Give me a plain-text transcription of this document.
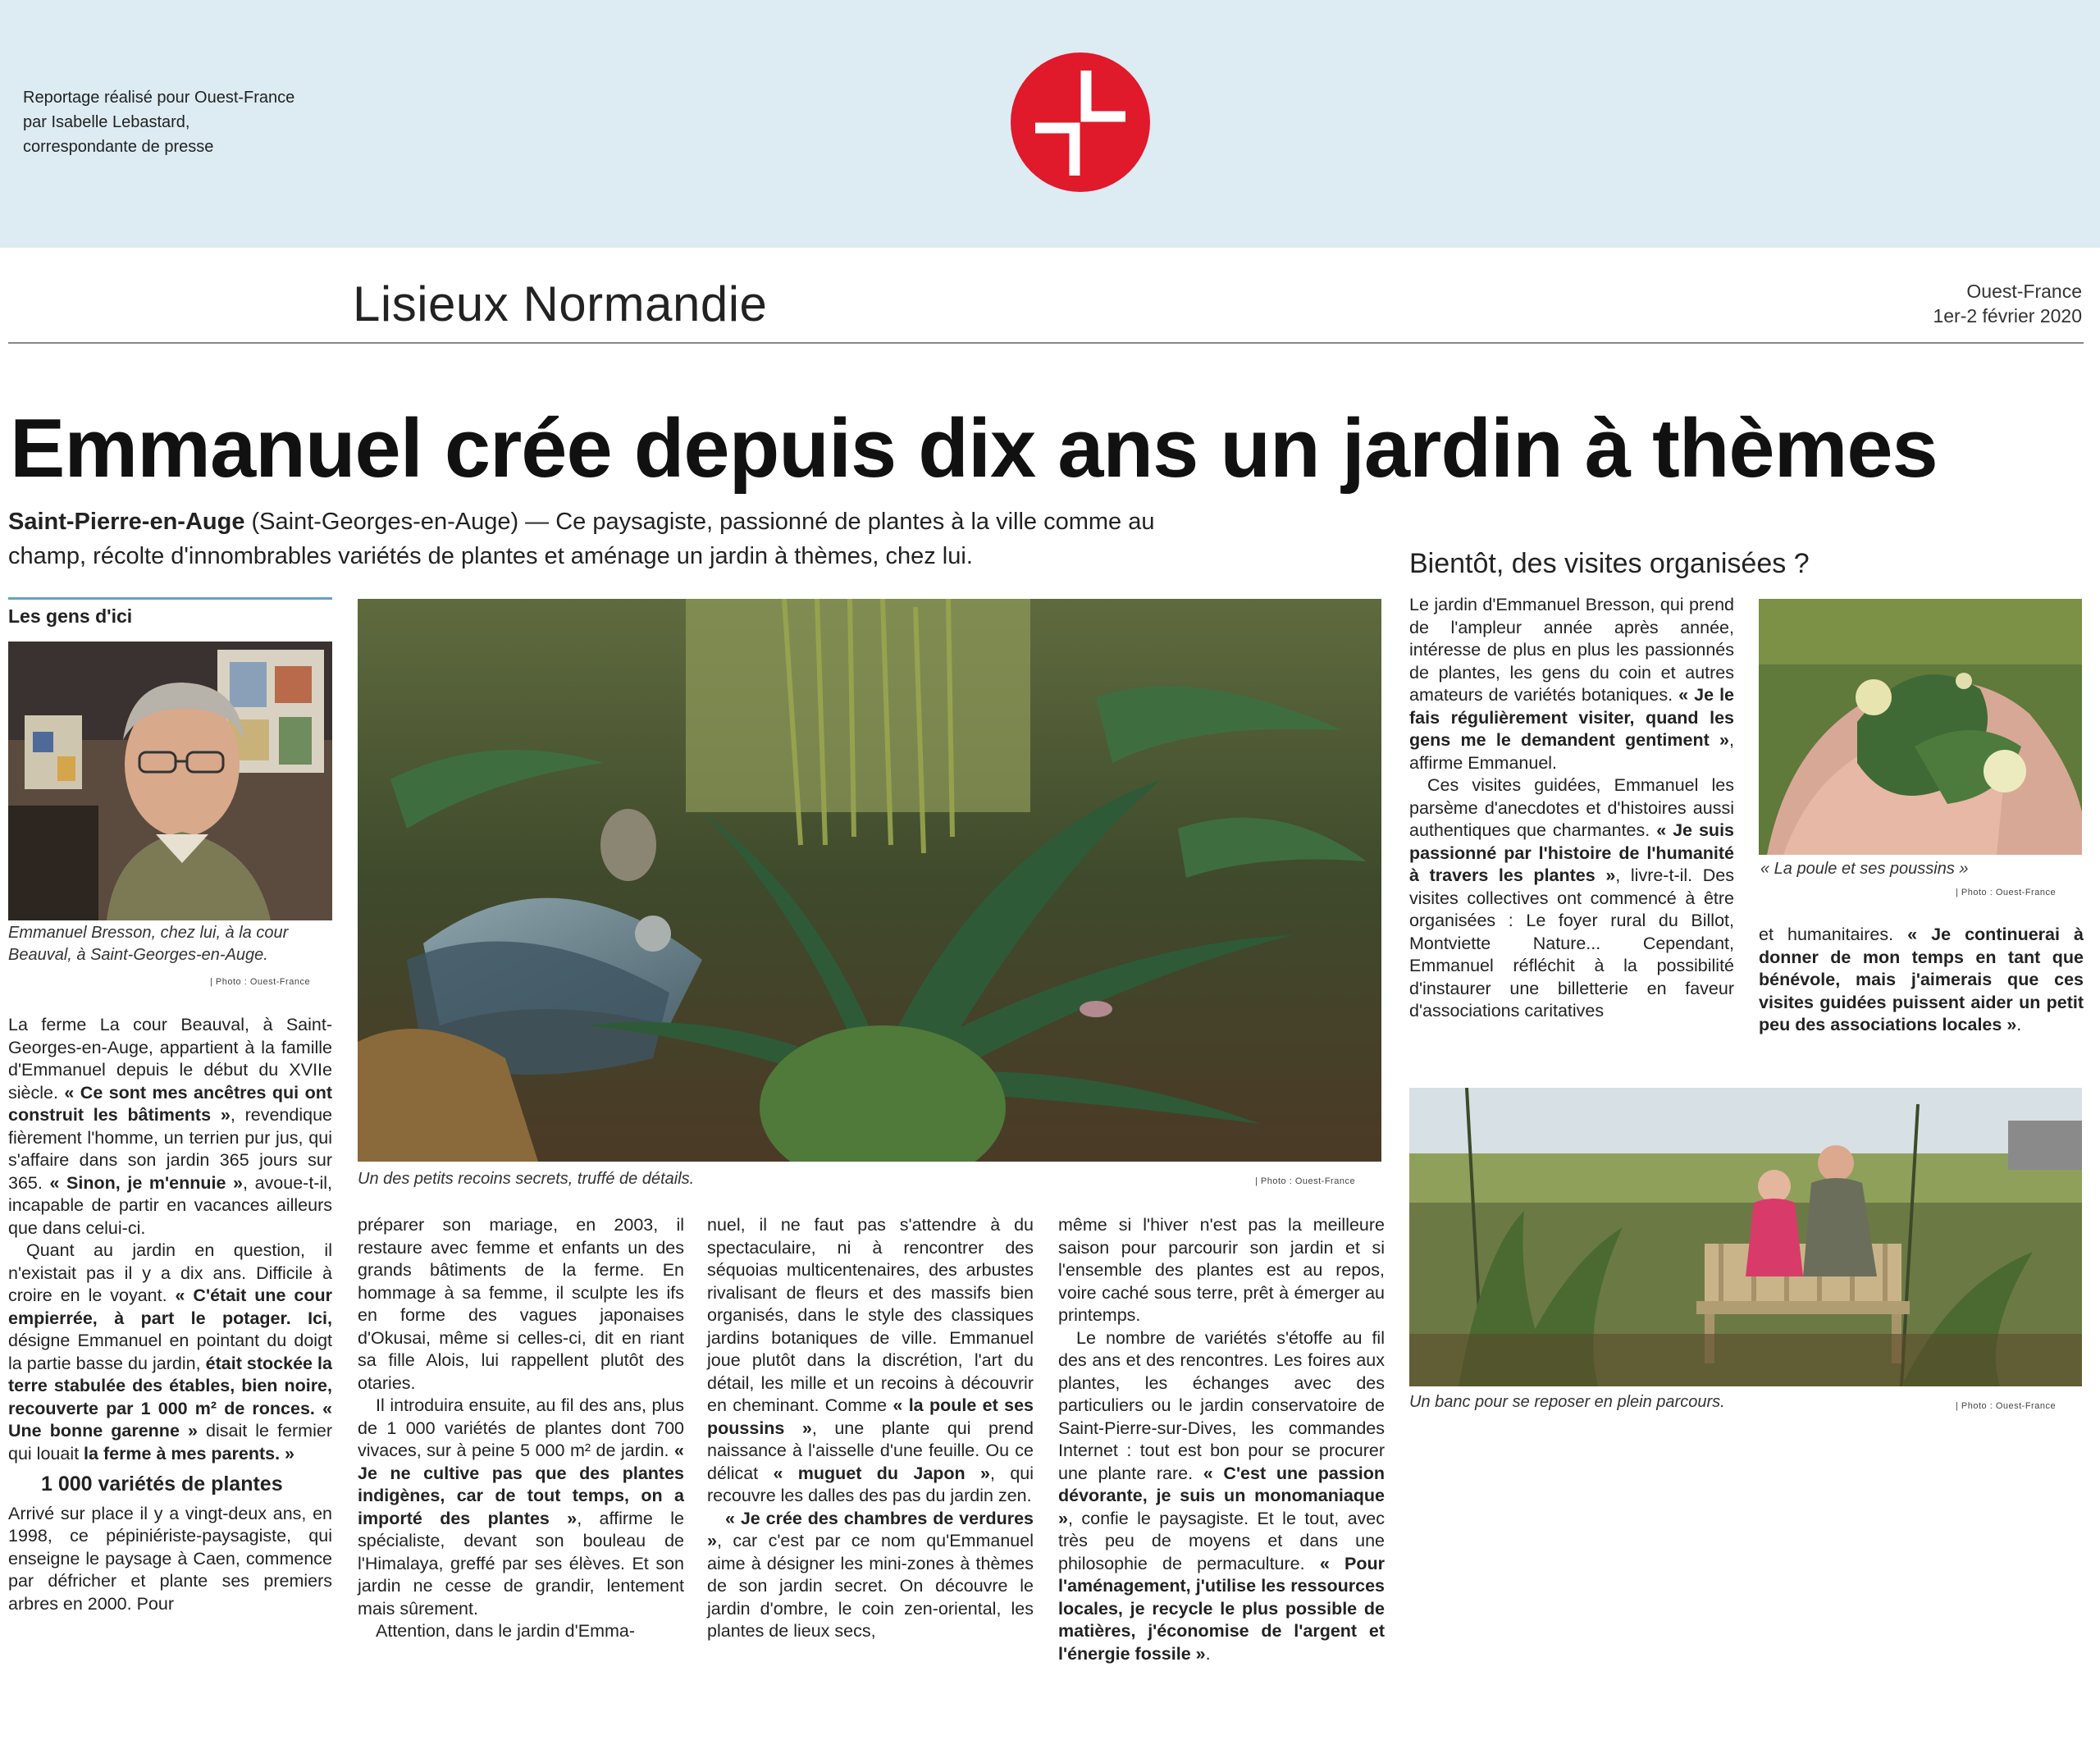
Reportage réalisé pour Ouest-France
par Isabelle Lebastard,
correspondante de presse
Lisieux Normandie	Ouest-France
1er-2 février 2020
Emmanuel crée depuis dix ans un jardin à thèmes
Saint-Pierre-en-Auge (Saint-Georges-en-Auge) — Ce paysagiste, passionné de plantes à la ville comme au champ, récolte d'innombrables variétés de plantes et aménage un jardin à thèmes, chez lui.
Les gens d'ici
Emmanuel Bresson, chez lui, à la cour Beauval, à Saint-Georges-en-Auge.
| Photo : Ouest-France

La ferme La cour Beauval, à Saint-Georges-en-Auge, appartient à la famille d'Emmanuel depuis le début du XVIIe siècle. « Ce sont mes ancêtres qui ont construit les bâtiments », revendique fièrement l'homme, un terrien pur jus, qui s'affaire dans son jardin 365 jours sur 365. « Sinon, je m'ennuie », avoue-t-il, incapable de partir en vacances ailleurs que dans celui-ci.

Quant au jardin en question, il n'existait pas il y a dix ans. Difficile à croire en le voyant. « C'était une cour empierrée, à part le potager. Ici, désigne Emmanuel en pointant du doigt la partie basse du jardin, était stockée la terre stabulée des étables, bien noire, recouverte par 1 000 m² de ronces. « Une bonne garenne » disait le fermier qui louait la ferme à mes parents. »

1 000 variétés de plantes

Arrivé sur place il y a vingt-deux ans, en 1998, ce pépiniériste-paysagiste, qui enseigne le paysage à Caen, commence par défricher et plante ses premiers arbres en 2000. Pour

Un des petits recoins secrets, truffé de détails.	| Photo : Ouest-France

préparer son mariage, en 2003, il restaure avec femme et enfants un des grands bâtiments de la ferme. En hommage à sa femme, il sculpte les ifs en forme des vagues japonaises d'Okusai, même si celles-ci, dit en riant sa fille Alois, lui rappellent plutôt des otaries.

Il introduira ensuite, au fil des ans, plus de 1 000 variétés de plantes dont 700 vivaces, sur à peine 5 000 m² de jardin. « Je ne cultive pas que des plantes indigènes, car de tout temps, on a importé des plantes », affirme le spécialiste, devant son bouleau de l'Himalaya, greffé par ses élèves. Et son jardin ne cesse de grandir, lentement mais sûrement.

Attention, dans le jardin d'Emma-

nuel, il ne faut pas s'attendre à du spectaculaire, ni à rencontrer des séquoias multicentenaires, des arbustes rivalisant de fleurs et des massifs bien organisés, dans le style des classiques jardins botaniques de ville. Emmanuel joue plutôt dans la discrétion, l'art du détail, les mille et un recoins à découvrir en cheminant. Comme « la poule et ses poussins », une plante qui prend naissance à l'aisselle d'une feuille. Ou ce délicat « muguet du Japon », qui recouvre les dalles des pas du jardin zen.

« Je crée des chambres de verdures », car c'est par ce nom qu'Emmanuel aime à désigner les mini-zones à thèmes de son jardin secret. On découvre le jardin d'ombre, le coin zen-oriental, les plantes de lieux secs,

même si l'hiver n'est pas la meilleure saison pour parcourir son jardin et si l'ensemble des plantes est au repos, voire caché sous terre, prêt à émerger au printemps.

Le nombre de variétés s'étoffe au fil des ans et des rencontres. Les foires aux plantes, les échanges avec des particuliers ou le jardin conservatoire de Saint-Pierre-sur-Dives, les commandes Internet : tout est bon pour se procurer une plante rare. « C'est une passion dévorante, je suis un monomaniaque », confie le paysagiste. Et le tout, avec très peu de moyens et dans une philosophie de permaculture. « Pour l'aménagement, j'utilise les ressources locales, je recycle le plus possible de matières, j'économise de l'argent et l'énergie fossile ».

Bientôt, des visites organisées ?

Le jardin d'Emmanuel Bresson, qui prend de l'ampleur année après année, intéresse de plus en plus les passionnés de plantes, les gens du coin et autres amateurs de variétés botaniques. « Je le fais régulièrement visiter, quand les gens me le demandent gentiment », affirme Emmanuel.

Ces visites guidées, Emmanuel les parsème d'anecdotes et d'histoires aussi authentiques que charmantes. « Je suis passionné par l'histoire de l'humanité à travers les plantes », livre-t-il. Des visites collectives ont commencé à être organisées : Le foyer rural du Billot, Montviette Nature... Cependant, Emmanuel réfléchit à la possibilité d'instaurer une billetterie en faveur d'associations caritatives

« La poule et ses poussins »
| Photo : Ouest-France

et humanitaires. « Je continuerai à donner de mon temps en tant que bénévole, mais j'aimerais que ces visites guidées puissent aider un petit peu des associations locales ».

Un banc pour se reposer en plein parcours.	| Photo : Ouest-France
